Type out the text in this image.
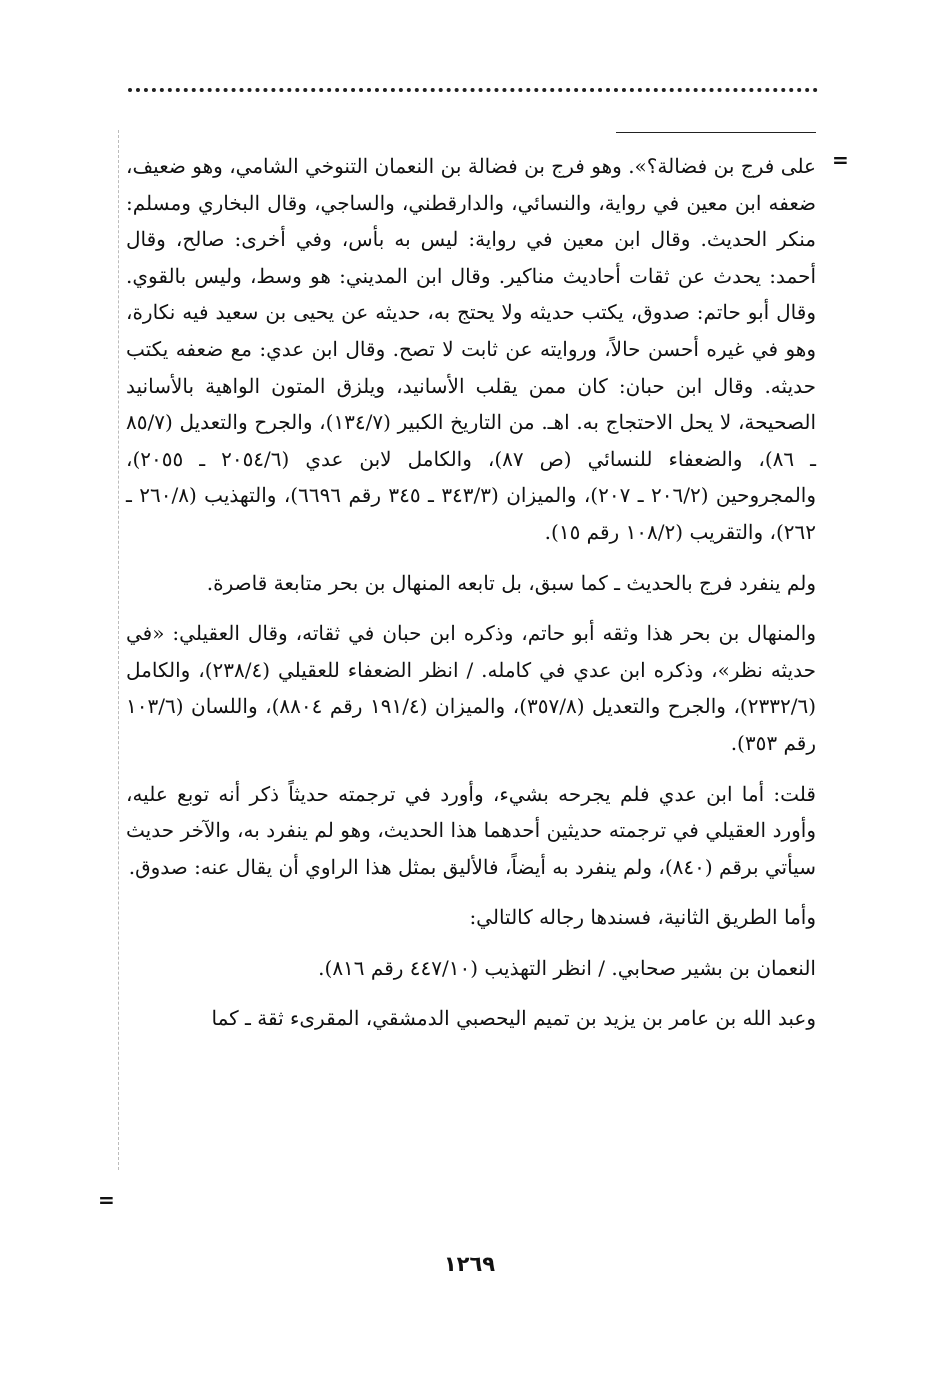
=
=

على فرج بن فضالة؟». وهو فرج بن فضالة بن النعمان التنوخي الشامي، وهو ضعيف، ضعفه ابن معين في رواية، والنسائي، والدارقطني، والساجي، وقال البخاري ومسلم: منكر الحديث. وقال ابن معين في رواية: ليس به بأس، وفي أخرى: صالح، وقال أحمد: يحدث عن ثقات أحاديث مناكير. وقال ابن المديني: هو وسط، وليس بالقوي. وقال أبو حاتم: صدوق، يكتب حديثه ولا يحتج به، حديثه عن يحيى بن سعيد فيه نكارة، وهو في غيره أحسن حالاً، وروايته عن ثابت لا تصح. وقال ابن عدي: مع ضعفه يكتب حديثه. وقال ابن حبان: كان ممن يقلب الأسانيد، ويلزق المتون الواهية بالأسانيد الصحيحة، لا يحل الاحتجاج به. اهـ. من التاريخ الكبير (١٣٤/٧)، والجرح والتعديل (٨٥/٧ ـ ٨٦)، والضعفاء للنسائي (ص ٨٧)، والكامل لابن عدي (٢٠٥٤/٦ ـ ٢٠٥٥)، والمجروحين (٢٠٦/٢ ـ ٢٠٧)، والميزان (٣٤٣/٣ ـ ٣٤٥ رقم ٦٦٩٦)، والتهذيب (٢٦٠/٨ ـ ٢٦٢)، والتقريب (١٠٨/٢ رقم ١٥).

ولم ينفرد فرج بالحديث ـ كما سبق، بل تابعه المنهال بن بحر متابعة قاصرة.

والمنهال بن بحر هذا وثقه أبو حاتم، وذكره ابن حبان في ثقاته، وقال العقيلي: «في حديثه نظر»، وذكره ابن عدي في كامله. / انظر الضعفاء للعقيلي (٢٣٨/٤)، والكامل (٢٣٣٢/٦)، والجرح والتعديل (٣٥٧/٨)، والميزان (١٩١/٤ رقم ٨٨٠٤)، واللسان (١٠٣/٦ رقم ٣٥٣).

قلت: أما ابن عدي فلم يجرحه بشيء، وأورد في ترجمته حديثاً ذكر أنه توبع عليه، وأورد العقيلي في ترجمته حديثين أحدهما هذا الحديث، وهو لم ينفرد به، والآخر حديث سيأتي برقم (٨٤٠)، ولم ينفرد به أيضاً، فالأليق بمثل هذا الراوي أن يقال عنه: صدوق.

وأما الطريق الثانية، فسندها رجاله كالتالي:

النعمان بن بشير صحابي. / انظر التهذيب (٤٤٧/١٠ رقم ٨١٦).

وعبد الله بن عامر بن يزيد بن تميم اليحصبي الدمشقي، المقرىء ثقة ـ كما

١٢٦٩
